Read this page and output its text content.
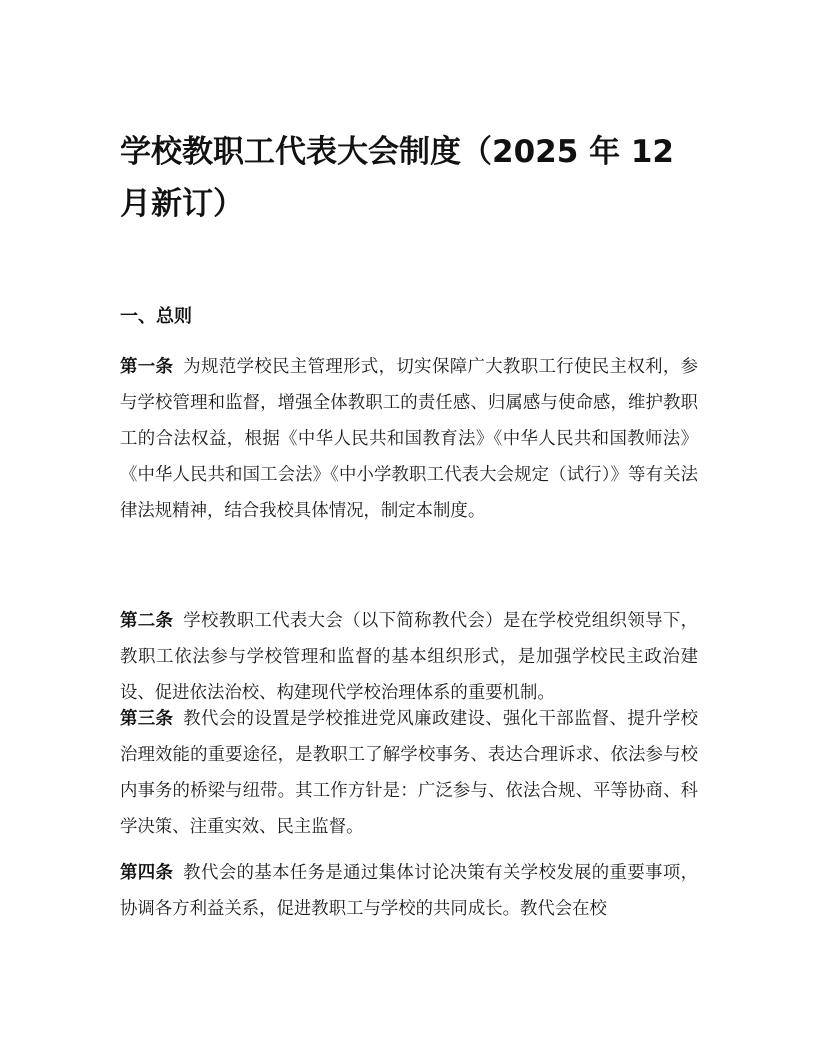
学校教职工代表大会制度（2025 年 12 月新订）
一、总则

第一条 为规范学校民主管理形式，切实保障广大教职工行使民主权利，参与学校管理和监督，增强全体教职工的责任感、归属感与使命感，维护教职工的合法权益，根据《中华人民共和国教育法》《中华人民共和国教师法》《中华人民共和国工会法》《中小学教职工代表大会规定（试行）》等有关法律法规精神，结合我校具体情况，制定本制度。

第二条 学校教职工代表大会（以下简称教代会）是在学校党组织领导下，教职工依法参与学校管理和监督的基本组织形式，是加强学校民主政治建设、促进依法治校、构建现代学校治理体系的重要机制。

第三条 教代会的设置是学校推进党风廉政建设、强化干部监督、提升学校治理效能的重要途径，是教职工了解学校事务、表达合理诉求、依法参与校内事务的桥梁与纽带。其工作方针是：广泛参与、依法合规、平等协商、科学决策、注重实效、民主监督。

第四条 教代会的基本任务是通过集体讨论决策有关学校发展的重要事项，协调各方利益关系，促进教职工与学校的共同成长。教代会在校
